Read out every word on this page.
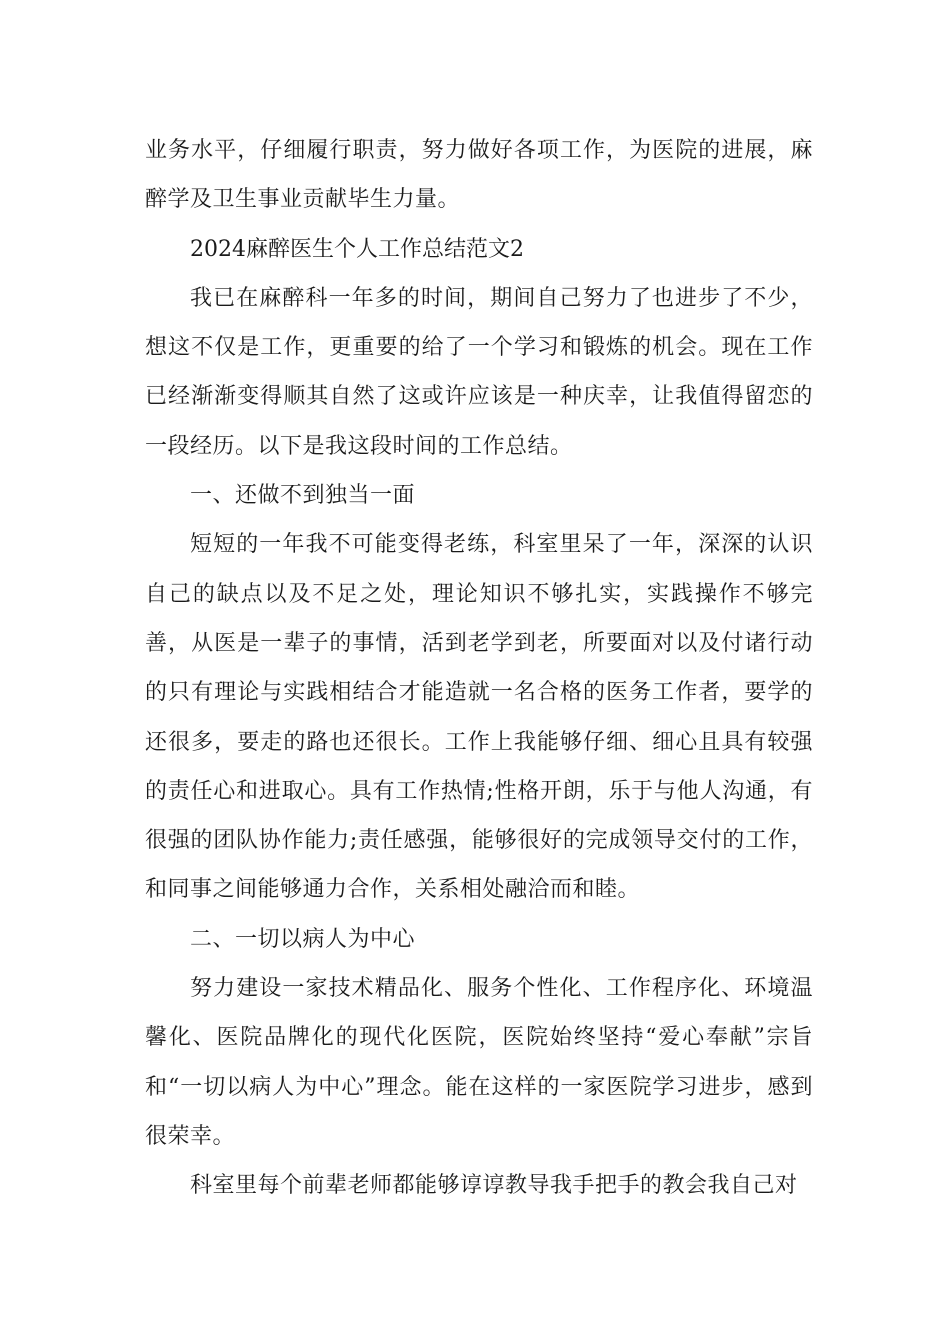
业务水平，仔细履行职责，努力做好各项工作，为医院的进展，麻醉学及卫生事业贡献毕生力量。

2024麻醉医生个人工作总结范文2

我已在麻醉科一年多的时间，期间自己努力了也进步了不少，想这不仅是工作，更重要的给了一个学习和锻炼的机会。现在工作已经渐渐变得顺其自然了这或许应该是一种庆幸，让我值得留恋的一段经历。以下是我这段时间的工作总结。

一、还做不到独当一面

短短的一年我不可能变得老练，科室里呆了一年，深深的认识自己的缺点以及不足之处，理论知识不够扎实，实践操作不够完善，从医是一辈子的事情，活到老学到老，所要面对以及付诸行动的只有理论与实践相结合才能造就一名合格的医务工作者，要学的还很多，要走的路也还很长。工作上我能够仔细、细心且具有较强的责任心和进取心。具有工作热情;性格开朗，乐于与他人沟通，有很强的团队协作能力;责任感强，能够很好的完成领导交付的工作，和同事之间能够通力合作，关系相处融洽而和睦。

二、一切以病人为中心

努力建设一家技术精品化、服务个性化、工作程序化、环境温馨化、医院品牌化的现代化医院，医院始终坚持“爱心奉献”宗旨和“一切以病人为中心”理念。能在这样的一家医院学习进步，感到很荣幸。

科室里每个前辈老师都能够谆谆教导我手把手的教会我自己对
